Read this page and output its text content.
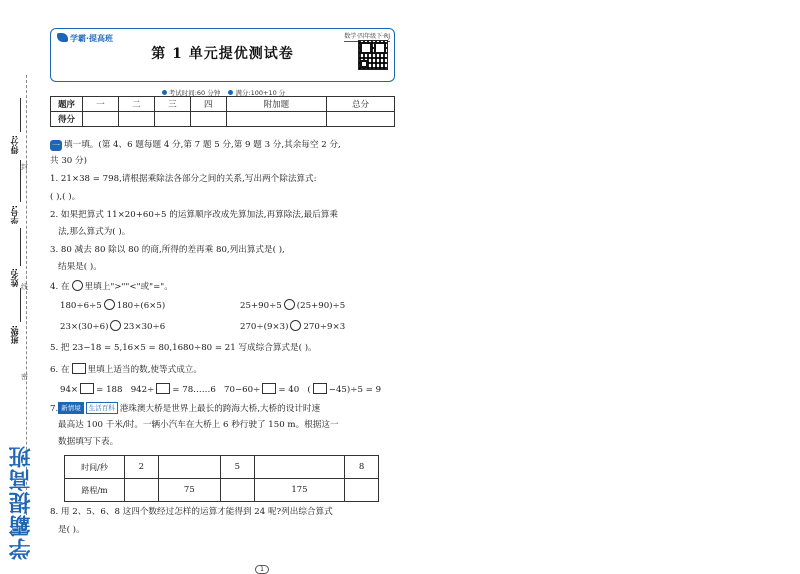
得分:
学号:
姓名:
班级:
封
线
密
学霸提高班
学霸·提高班	数学·四年级下·RJ
第 1 单元提优测试卷
考试时间:60 分钟 满分:100+10 分
题序	一	二	三	四	附加题	总分
得分						
一 填一填。(第 4、6 题每题 4 分,第 7 题 5 分,第 9 题 3 分,其余每空 2 分,
共 30 分)
1. 21×38 = 798,请根据乘除法各部分之间的关系,写出两个除法算式:
( ),( )。
2. 如果把算式 11×20+60÷5 的运算顺序改成先算加法,再算除法,最后算乘
法,那么算式为( )。
3. 80 减去 80 除以 80 的商,所得的差再乘 80,列出算式是( ),
结果是( )。
4. 在 里填上">""<"或"="。
180÷6÷5 180÷(6×5)	25+90÷5 (25+90)÷5
23×(30÷6) 23×30÷6	270÷(9×3) 270÷9×3
5. 把 23−18 = 5,16×5 = 80,1680÷80 = 21 写成综合算式是( )。
6. 在 里填上适当的数,使等式成立。
94× = 188 942÷ = 78……6 70−60÷ = 40 ( −45)÷5 = 9
7. 新情境 生活百科 港珠澳大桥是世界上最长的跨海大桥,大桥的设计时速
最高达 100 千米/时。一辆小汽车在大桥上 6 秒行驶了 150 m。根据这一
数据填写下表。
时间/秒	2		5		8
路程/m		75		175	
8. 用 2、5、6、8 这四个数经过怎样的运算才能得到 24 呢?列出综合算式
是( )。
1
